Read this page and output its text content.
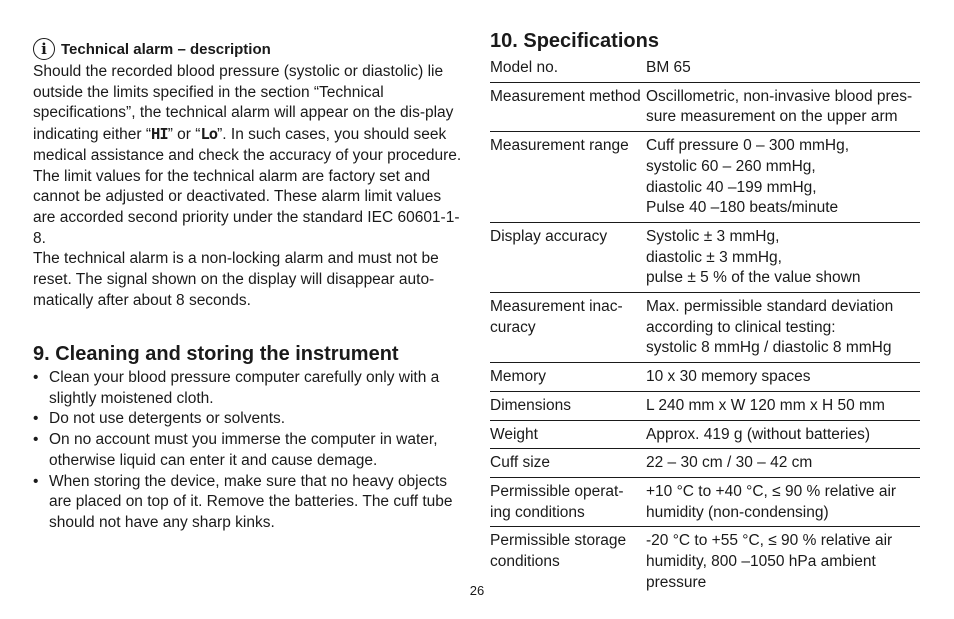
i Technical alarm – description

Should the recorded blood pressure (systolic or diastolic) lie outside the limits specified in the section “Technical specifications”, the technical alarm will appear on the dis-play indicating either “HI” or “Lo”. In such cases, you should seek medical assistance and check the accuracy of your procedure.

The limit values for the technical alarm are factory set and cannot be adjusted or deactivated. These alarm limit values are accorded second priority under the standard IEC 60601-1-8.

The technical alarm is a non-locking alarm and must not be reset. The signal shown on the display will disappear auto-matically after about 8 seconds.

9. Cleaning and storing the instrument
• Clean your blood pressure computer carefully only with a slightly moistened cloth.
• Do not use detergents or solvents.
• On no account must you immerse the computer in water, otherwise liquid can enter it and cause demage.
• When storing the device, make sure that no heavy objects are placed on top of it. Remove the batteries. The cuff tube should not have any sharp kinks.
10. Specifications
Model no.	BM 65

Measurement method	Oscillometric, non-invasive blood pres-sure measurement on the upper arm

Measurement range	Cuff pressure 0 – 300 mmHg,
systolic 60 – 260 mmHg,
diastolic 40 –199 mmHg,
Pulse 40 –180 beats/minute

Display accuracy	Systolic ± 3 mmHg,
diastolic ± 3 mmHg,
pulse ± 5 % of the value shown

Measurement inac-curacy	Max. permissible standard deviation according to clinical testing:
systolic 8 mmHg / diastolic 8 mmHg

Memory	10 x 30 memory spaces

Dimensions	L 240 mm x W 120 mm x H 50 mm

Weight	Approx. 419 g (without batteries)

Cuff size	22 – 30 cm / 30 – 42 cm

Permissible operat-ing conditions	+10 °C to +40 °C, ≤ 90 % relative air humidity (non-condensing)

Permissible storage conditions	-20 °C to +55 °C, ≤ 90 % relative air humidity, 800 –1050 hPa ambient pressure
26
